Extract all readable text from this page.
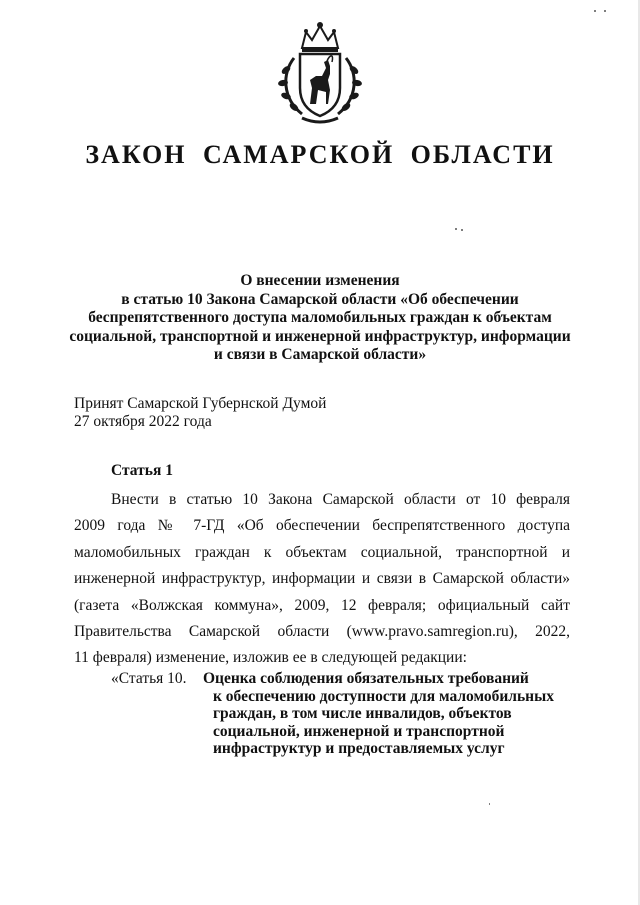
ЗАКОН САМАРСКОЙ ОБЛАСТИ
О внесении изменения
в статью 10 Закона Самарской области «Об обеспечении
беспрепятственного доступа маломобильных граждан к объектам
социальной, транспортной и инженерной инфраструктур, информации
и связи в Самарской области»
Принят Самарской Губернской Думой
27 октября 2022 года
Статья 1
Внести в статью 10 Закона Самарской области от 10 февраля
2009 года № 7-ГД «Об обеспечении беспрепятственного доступа
маломобильных граждан к объектам социальной, транспортной и
инженерной инфраструктур, информации и связи в Самарской области»
(газета «Волжская коммуна», 2009, 12 февраля; официальный сайт
Правительства Самарской области (www.pravo.samregion.ru), 2022,
11 февраля) изменение, изложив ее в следующей редакции:
«Статья 10. Оценка соблюдения обязательных требований
к обеспечению доступности для маломобильных
граждан, в том числе инвалидов, объектов
социальной, инженерной и транспортной
инфраструктур и предоставляемых услуг
